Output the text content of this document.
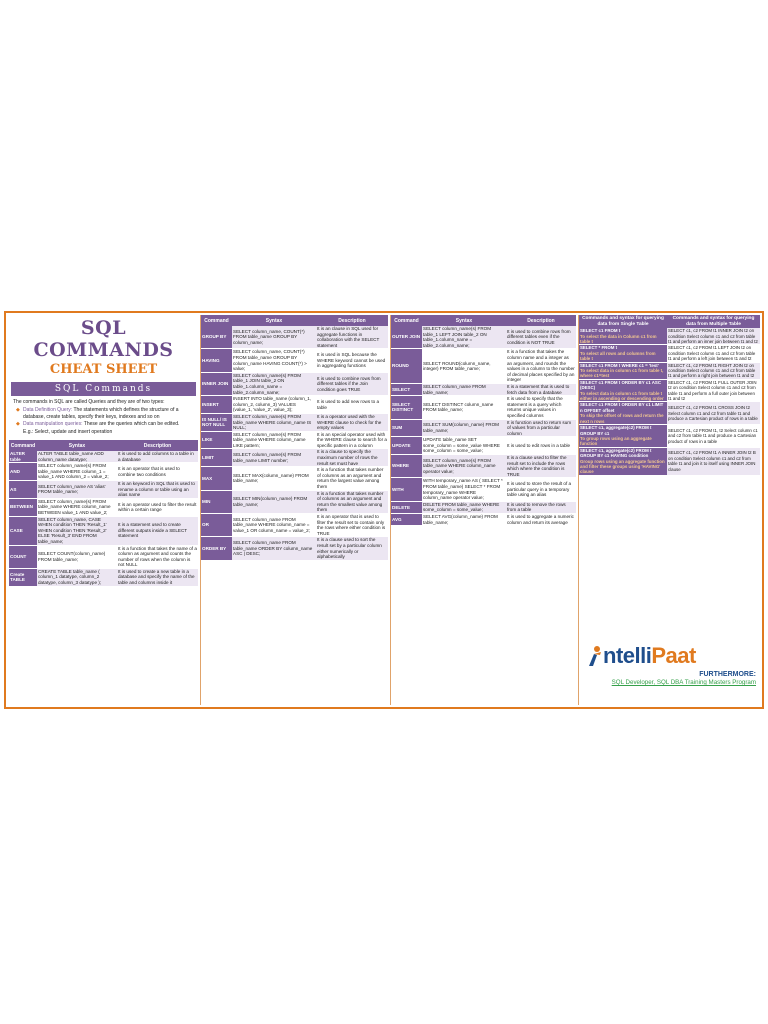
SQL COMMANDS
CHEAT SHEET
SQL Commands
The commands in SQL are called Queries and they are of two types:
◆ Data Definition Query: The statements which defines the structure of a database, create tables, specify their keys, indexes and so on
◆ Data manipulation queries: These are the queries which can be edited.
E.g.: Select, update and insert operation
Command	Syntax	Description
ALTER table	ALTER TABLE table_name ADD column_name datatype;	It is used to add columns to a table in a database
AND	SELECT column_name(s) FROM table_name WHERE column_1 = value_1 AND column_2 = value_2;	It is an operator that is used to combine two conditions
AS	SELECT column_name AS 'alias' FROM table_name;	It is an keyword in SQL that is used to rename a column or table using an alias name
BETWEEN	SELECT column_name(s) FROM table_name WHERE column_name BETWEEN value_1 AND value_2;	It is an operator used to filter the result within a certain range
CASE	SELECT column_name, CASE WHEN condition THEN 'Result_1' WHEN condition THEN 'Result_2' ELSE 'Result_3' END FROM table_name;	It is a statement used to create different outputs inside a SELECT statement
COUNT	SELECT COUNT(column_name) FROM table_name;	It is a function that takes the name of a column as argument and counts the number of rows when the column is not NULL
Create TABLE	CREATE TABLE table_name ( column_1 datatype, column_2 datatype, column_3 datatype );	It is used to create a new table in a database and specify the name of the table and columns inside it
Command	Syntax	Description
GROUP BY	SELECT column_name, COUNT(*) FROM table_name GROUP BY column_name;	It is an clause in SQL used for aggregate functions in collaboration with the SELECT statement
HAVING	SELECT column_name, COUNT(*) FROM table_name GROUP BY column_name HAVING COUNT(*) > value;	It is used in SQL because the WHERE keyword cannot be used in aggregating functions
INNER JOIN	SELECT column_name(s) FROM table_1 JOIN table_2 ON table_1.column_name = table_2.column_name;	It is used to combine rows from different tables if the Join condition goes TRUE
INSERT	INSERT INTO table_name (column_1, column_2, column_3) VALUES (value_1, 'value_2', value_3);	It is used to add new rows to a table
IS NULL/ IS NOT NULL	SELECT column_name(s) FROM table_name WHERE column_name IS NULL;	It is a operator used with the WHERE clause to check for the empty values
LIKE	SELECT column_name(s) FROM table_name WHERE column_name LIKE pattern;	It is an special operator used with the WHERE clause to search for a specific pattern in a column
LIMIT	SELECT column_name(s) FROM table_name LIMIT number;	It is a clause to specify the maximum number of rows the result set must have
MAX	SELECT MAX(column_name) FROM table_name;	It is a function that takes number of columns as an argument and return the largest value among them
MIN	SELECT MIN(column_name) FROM table_name;	It is a function that takes number of columns as an argument and return the smallest value among them
OR	SELECT column_name FROM table_name WHERE column_name = value_1 OR column_name = value_2;	It is an operator that is used to filter the result set to contain only the rows where either condition is TRUE
ORDER BY	SELECT column_name FROM table_name ORDER BY column_name ASC | DESC;	It is a clause used to sort the result set by a particular column either numerically or alphabetically
Command	Syntax	Description
OUTER JOIN	SELECT column_name(s) FROM table_1 LEFT JOIN table_2 ON table_1.column_name = table_2.column_name;	It is used to combine rows from different tables even if the condition is NOT TRUE
ROUND	SELECT ROUND(column_name, integer) FROM table_name;	It is a function that takes the column name and a integer as an argument, and rounds the values in a column to the number of decimal places specified by an integer
SELECT	SELECT column_name FROM table_name;	It is a statement that is used to fetch data from a database
SELECT DISTINCT	SELECT DISTINCT column_name FROM table_name;	It is used to specify that the statement is a query which returns unique values in specified columns
SUM	SELECT SUM(column_name) FROM table_name;	It is function used to return sum of values from a particular column
UPDATE	UPDATE table_name SET some_column = some_value WHERE some_column = some_value;	It is used to edit rows in a table
WHERE	SELECT column_name(s) FROM table_name WHERE column_name operator value;	It is a clause used to filter the result set to include the rows which where the condition is TRUE
WITH	WITH temporary_name AS ( SELECT * FROM table_name) SELECT * FROM temporary_name WHERE column_name operator value;	It is used to store the result of a particular query in a temporary table using an alias
DELETE	DELETE FROM table_name WHERE some_column = some_value;	It is used to remove the rows from a table
AVG	SELECT AVG(column_name) FROM table_name;	It is used to aggregate a numeric column and return its average
Commands and syntax for querying data from Single Table	Commands and syntax for querying data from Multiple Table

SELECT c1 FROM t
To select the data in Column c1 from table t	SELECT c1, c2 FROM t1 INNER JOIN t2 on condition Select column c1 and c2 from table t1 and perform an inner join between t1 and t2

SELECT * FROM t
To select all rows and columns from table t	SELECT c1, c2 FROM t1 LEFT JOIN t2 on condition Select column c1 and c2 from table t1 and perform a left join between t1 and t2

SELECT c1 FROM t WHERE c1 = 'test'
To select data in column c1 from table t, where c1=test	SELECT c1, c2 FROM t1 RIGHT JOIN t2 on condition Select column c1 and c2 from table t1 and perform a right join between t1 and t2

SELECT c1 FROM t ORDER BY c1 ASC (DESC)
To select data in column c1 from table t either in ascending or descending order	SELECT c1, c2 FROM t1 FULL OUTER JOIN t2 on condition Select column c1 and c2 from table t1 and perform a full outer join between t1 and t2

SELECT c1 FROM t ORDER BY c1 LIMIT n OFFSET offset
To skip the offset of rows and return the next n rows	SELECT c1, c2 FROM t1 CROSS JOIN t2 Select column c1 and c2 from table t1 and produce a Cartesian product of rows in a table

SELECT c1, aggregate(c2) FROM t GROUP BY c1
To group rows using an aggregate function	SELECT c1, c2 FROM t1, t2 Select column c1 and c2 from table t1 and produce a Cartesian product of rows in a table

SELECT c1, aggregate(c2) FROM t GROUP BY c1 HAVING condition
Group rows using an aggregate function and filter these groups using 'HAVING' clause	SELECT c1, c2 FROM t1 A INNER JOIN t2 B on condition Select column c1 and c2 from table t1 and join it to itself using INNER JOIN clause
ntelliPaat
FURTHERMORE:
SQL Developer, SQL DBA Training Masters Program
